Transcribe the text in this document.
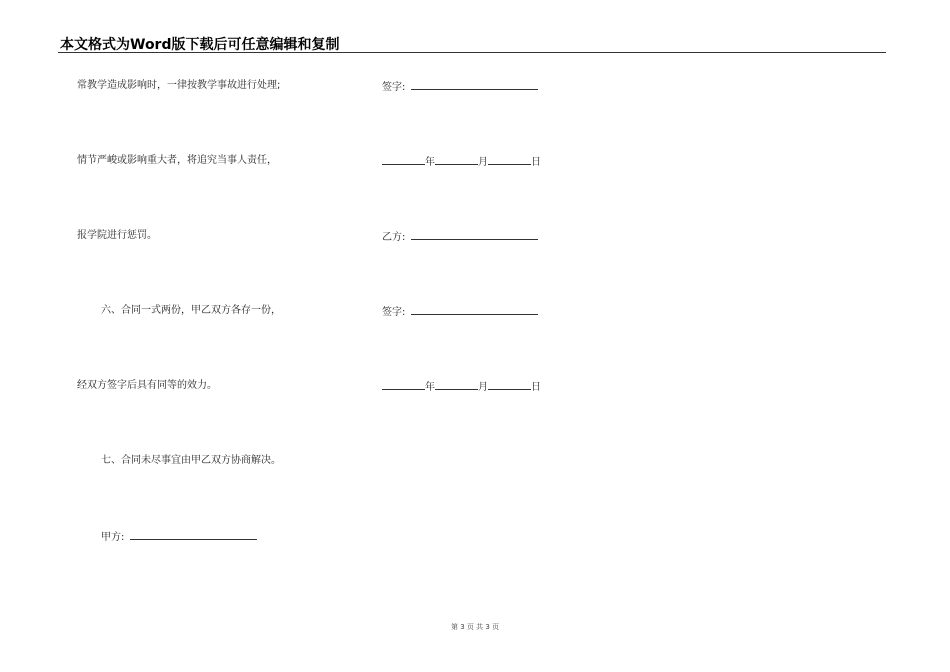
本文格式为Word版下载后可任意编辑和复制
常教学造成影响时，一律按教学事故进行处理;
情节严峻或影响重大者，将追究当事人责任，
报学院进行惩罚。
六、合同一式两份，甲乙双方各存一份，
经双方签字后具有同等的效力。
七、合同未尽事宜由甲乙双方协商解决。
甲方:
签字:
年	月	日
乙方:
签字:
年	月	日
第 3 页 共 3 页
